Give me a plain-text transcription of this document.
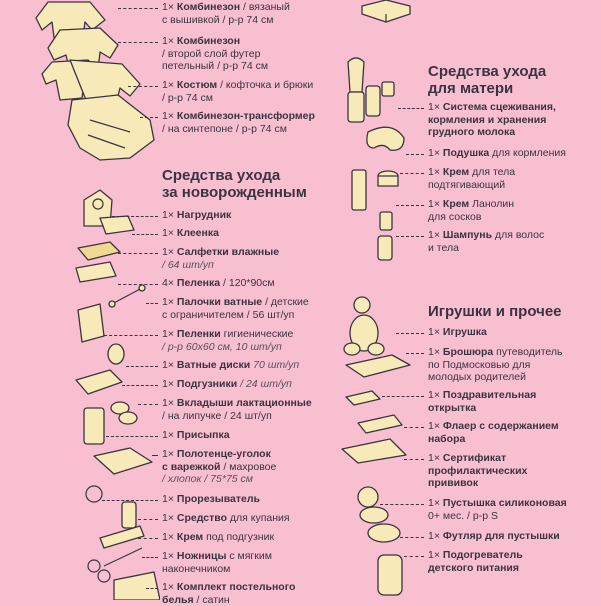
1× Комбинезон / вязаный
с вышивкой / р-р 74 см
1× Комбинезон
/ второй слой футер
петельный / р-р 74 см
1× Костюм / кофточка и брюки
/ р-р 74 см
1× Комбинезон-трансформер
/ на синтепоне / р-р 74 см
Средства ухода
за новорожденным
1× Нагрудник
1× Клеенка
1× Салфетки влажные
/ 64 шт/уп
4× Пеленка / 120*90см
1× Палочки ватные / детские
с ограничителем / 56 шт/уп
1× Пеленки гигиенические
/ р-р 60х60 см, 10 шт/уп
1× Ватные диски 70 шт/уп
1× Подгузники / 24 шт/уп
1× Вкладыши лактационные
/ на липучке / 24 шт/уп
1× Присыпка
1× Полотенце-уголок
с варежкой / махровое
/ хлопок / 75*75 см
1× Прорезыватель
1× Средство для купания
1× Крем под подгузник
1× Ножницы с мягким
наконечником
1× Комплект постельного
белья / сатин
Средства ухода
для матери
1× Система сцеживания,
кормления и хранения
грудного молока
1× Подушка для кормления
1× Крем для тела
подтягивающий
1× Крем Ланолин
для сосков
1× Шампунь для волос
и тела
Игрушки и прочее
1× Игрушка
1× Брошюра путеводитель
по Подмосковью для
молодых родителей
1× Поздравительная
открытка
1× Флаер с содержанием
набора
1× Сертификат
профилактических
прививок
1× Пустышка силиконовая
0+ мес. / р-р S
1× Футляр для пустышки
1× Подогреватель
детского питания
